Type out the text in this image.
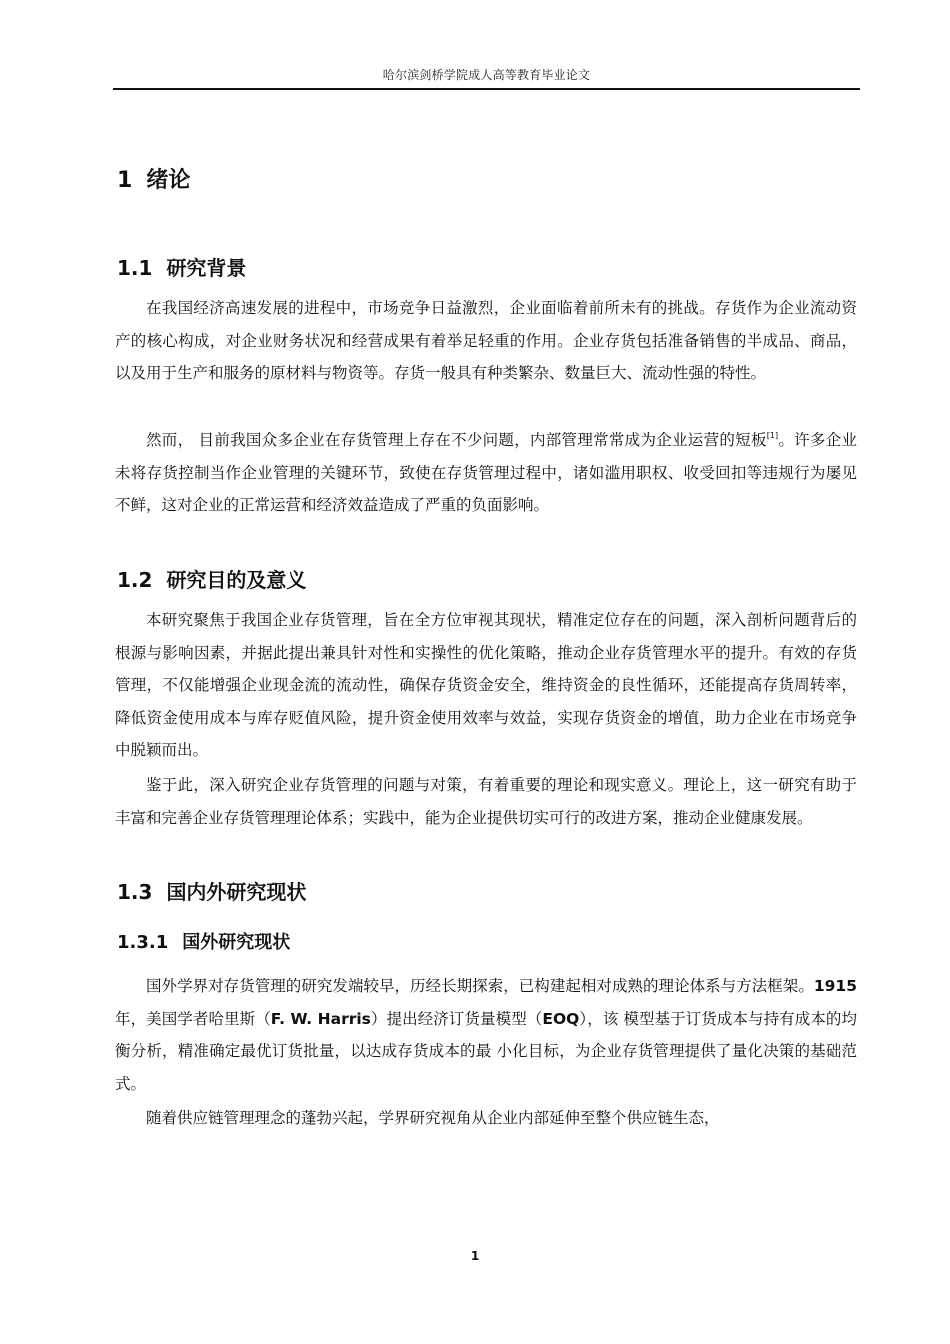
哈尔滨剑桥学院成人高等教育毕业论文
1 绪论
1.1 研究背景

在我国经济高速发展的进程中，市场竞争日益激烈，企业面临着前所未有的挑战。存货作为企业流动资产的核心构成，对企业财务状况和经营成果有着举足轻重的作用。企业存货包括准备销售的半成品、商品，以及用于生产和服务的原材料与物资等。存货一般具有种类繁杂、数量巨大、流动性强的特性。

然而， 目前我国众多企业在存货管理上存在不少问题，内部管理常常成为企业运营的短板[1]。许多企业未将存货控制当作企业管理的关键环节，致使在存货管理过程中，诸如滥用职权、收受回扣等违规行为屡见不鲜，这对企业的正常运营和经济效益造成了严重的负面影响。

1.2 研究目的及意义

本研究聚焦于我国企业存货管理，旨在全方位审视其现状，精准定位存在的问题，深入剖析问题背后的根源与影响因素，并据此提出兼具针对性和实操性的优化策略，推动企业存货管理水平的提升。有效的存货管理，不仅能增强企业现金流的流动性，确保存货资金安全，维持资金的良性循环，还能提高存货周转率，降低资金使用成本与库存贬值风险，提升资金使用效率与效益，实现存货资金的增值，助力企业在市场竞争中脱颖而出。

鉴于此，深入研究企业存货管理的问题与对策，有着重要的理论和现实意义。理论上，这一研究有助于丰富和完善企业存货管理理论体系；实践中，能为企业提供切实可行的改进方案，推动企业健康发展。

1.3 国内外研究现状
1.3.1 国外研究现状

国外学界对存货管理的研究发端较早，历经长期探索，已构建起相对成熟的理论体系与方法框架。1915 年，美国学者哈里斯（F. W. Harris）提出经济订货量模型（EOQ），该 模型基于订货成本与持有成本的均衡分析，精准确定最优订货批量，以达成存货成本的最 小化目标，为企业存货管理提供了量化决策的基础范式。

随着供应链管理理念的蓬勃兴起，学界研究视角从企业内部延伸至整个供应链生态，

1
